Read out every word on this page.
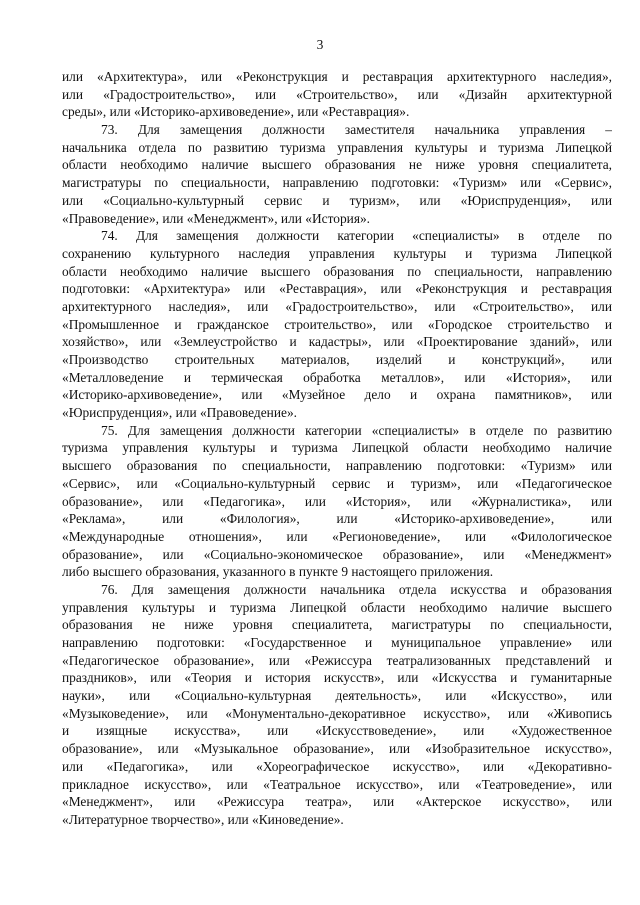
3
или «Архитектура», или «Реконструкция и реставрация архитектурного наследия»,
или «Градостроительство», или «Строительство», или «Дизайн архитектурной
среды», или «Историко-архивоведение», или «Реставрация».
73. Для замещения должности заместителя начальника управления –
начальника отдела по развитию туризма управления культуры и туризма Липецкой
области необходимо наличие высшего образования не ниже уровня специалитета,
магистратуры по специальности, направлению подготовки: «Туризм» или «Сервис»,
или «Социально-культурный сервис и туризм», или «Юриспруденция», или
«Правоведение», или «Менеджмент», или «История».
74. Для замещения должности категории «специалисты» в отделе по
сохранению культурного наследия управления культуры и туризма Липецкой
области необходимо наличие высшего образования по специальности, направлению
подготовки: «Архитектура» или «Реставрация», или «Реконструкция и реставрация
архитектурного наследия», или «Градостроительство», или «Строительство», или
«Промышленное и гражданское строительство», или «Городское строительство и
хозяйство», или «Землеустройство и кадастры», или «Проектирование зданий», или
«Производство строительных материалов, изделий и конструкций», или
«Металловедение и термическая обработка металлов», или «История», или
«Историко-архивоведение», или «Музейное дело и охрана памятников», или
«Юриспруденция», или «Правоведение».
75. Для замещения должности категории «специалисты» в отделе по развитию
туризма управления культуры и туризма Липецкой области необходимо наличие
высшего образования по специальности, направлению подготовки: «Туризм» или
«Сервис», или «Социально-культурный сервис и туризм», или «Педагогическое
образование», или «Педагогика», или «История», или «Журналистика», или
«Реклама», или «Филология», или «Историко-архивоведение», или
«Международные отношения», или «Регионоведение», или «Филологическое
образование», или «Социально-экономическое образование», или «Менеджмент»
либо высшего образования, указанного в пункте 9 настоящего приложения.
76. Для замещения должности начальника отдела искусства и образования
управления культуры и туризма Липецкой области необходимо наличие высшего
образования не ниже уровня специалитета, магистратуры по специальности,
направлению подготовки: «Государственное и муниципальное управление» или
«Педагогическое образование», или «Режиссура театрализованных представлений и
праздников», или «Теория и история искусств», или «Искусства и гуманитарные
науки», или «Социально-культурная деятельность», или «Искусство», или
«Музыковедение», или «Монументально-декоративное искусство», или «Живопись
и изящные искусства», или «Искусствоведение», или «Художественное
образование», или «Музыкальное образование», или «Изобразительное искусство»,
или «Педагогика», или «Хореографическое искусство», или «Декоративно-
прикладное искусство», или «Театральное искусство», или «Театроведение», или
«Менеджмент», или «Режиссура театра», или «Актерское искусство», или
«Литературное творчество», или «Киноведение».
